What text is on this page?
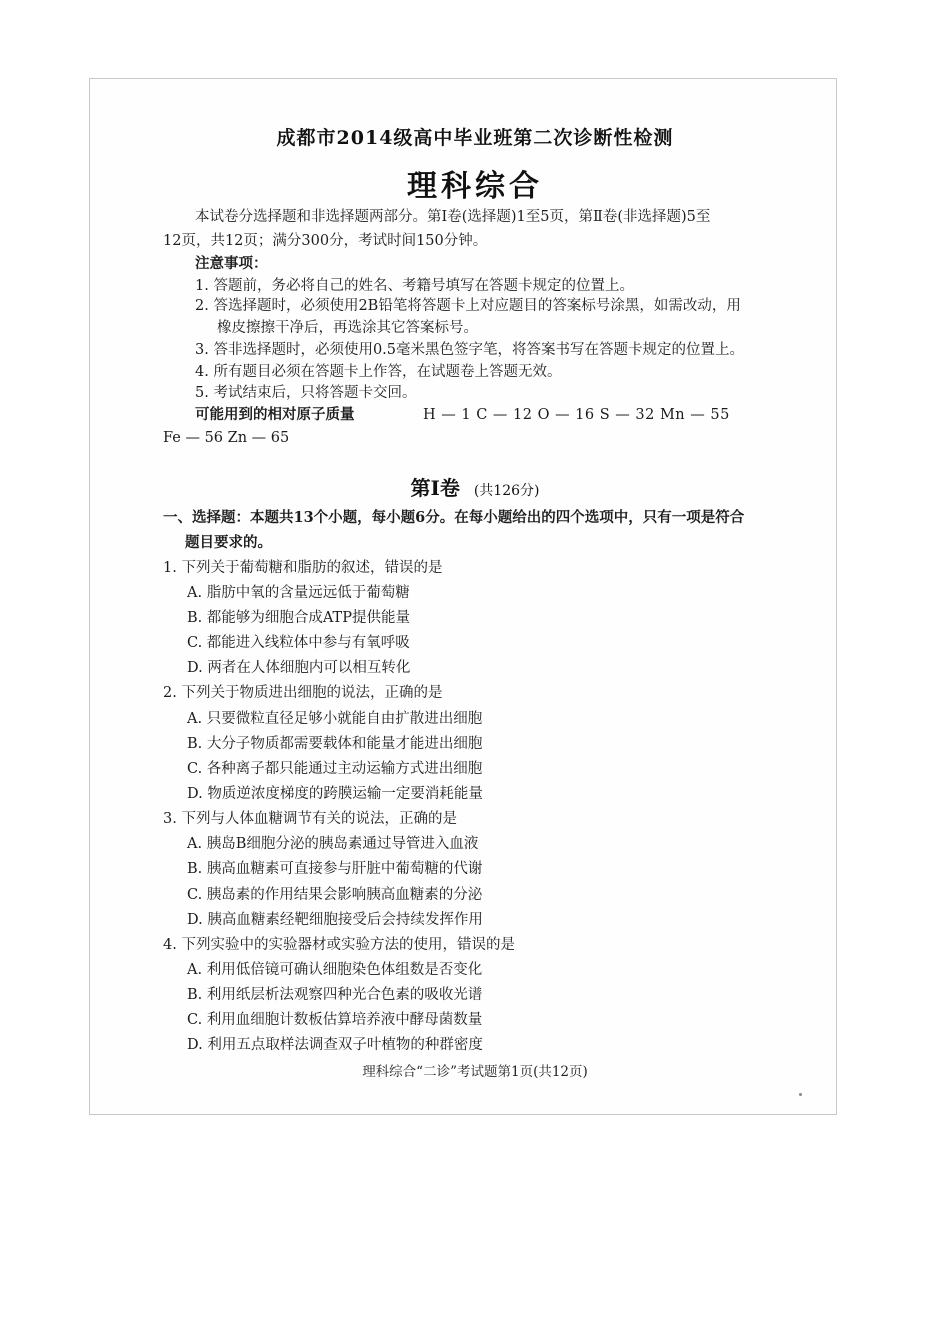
成都市2014级高中毕业班第二次诊断性检测
理科综合
本试卷分选择题和非选择题两部分。第Ⅰ卷(选择题)1至5页，第Ⅱ卷(非选择题)5至
12页，共12页；满分300分，考试时间150分钟。
注意事项：
1. 答题前，务必将自己的姓名、考籍号填写在答题卡规定的位置上。
2. 答选择题时，必须使用2B铅笔将答题卡上对应题目的答案标号涂黑，如需改动，用
橡皮擦擦干净后，再选涂其它答案标号。
3. 答非选择题时，必须使用0.5毫米黑色签字笔，将答案书写在答题卡规定的位置上。
4. 所有题目必须在答题卡上作答，在试题卷上答题无效。
5. 考试结束后，只将答题卡交回。
可能用到的相对原子质量	H — 1 C — 12 O — 16 S — 32 Mn — 55
Fe — 56 Zn — 65
第Ⅰ卷 (共126分)
一、选择题：本题共13个小题，每小题6分。在每小题给出的四个选项中，只有一项是符合
题目要求的。
1. 下列关于葡萄糖和脂肪的叙述，错误的是
A. 脂肪中氧的含量远远低于葡萄糖
B. 都能够为细胞合成ATP提供能量
C. 都能进入线粒体中参与有氧呼吸
D. 两者在人体细胞内可以相互转化
2. 下列关于物质进出细胞的说法，正确的是
A. 只要微粒直径足够小就能自由扩散进出细胞
B. 大分子物质都需要载体和能量才能进出细胞
C. 各种离子都只能通过主动运输方式进出细胞
D. 物质逆浓度梯度的跨膜运输一定要消耗能量
3. 下列与人体血糖调节有关的说法，正确的是
A. 胰岛B细胞分泌的胰岛素通过导管进入血液
B. 胰高血糖素可直接参与肝脏中葡萄糖的代谢
C. 胰岛素的作用结果会影响胰高血糖素的分泌
D. 胰高血糖素经靶细胞接受后会持续发挥作用
4. 下列实验中的实验器材或实验方法的使用，错误的是
A. 利用低倍镜可确认细胞染色体组数是否变化
B. 利用纸层析法观察四种光合色素的吸收光谱
C. 利用血细胞计数板估算培养液中酵母菌数量
D. 利用五点取样法调查双子叶植物的种群密度
理科综合“二诊”考试题第1页(共12页)
